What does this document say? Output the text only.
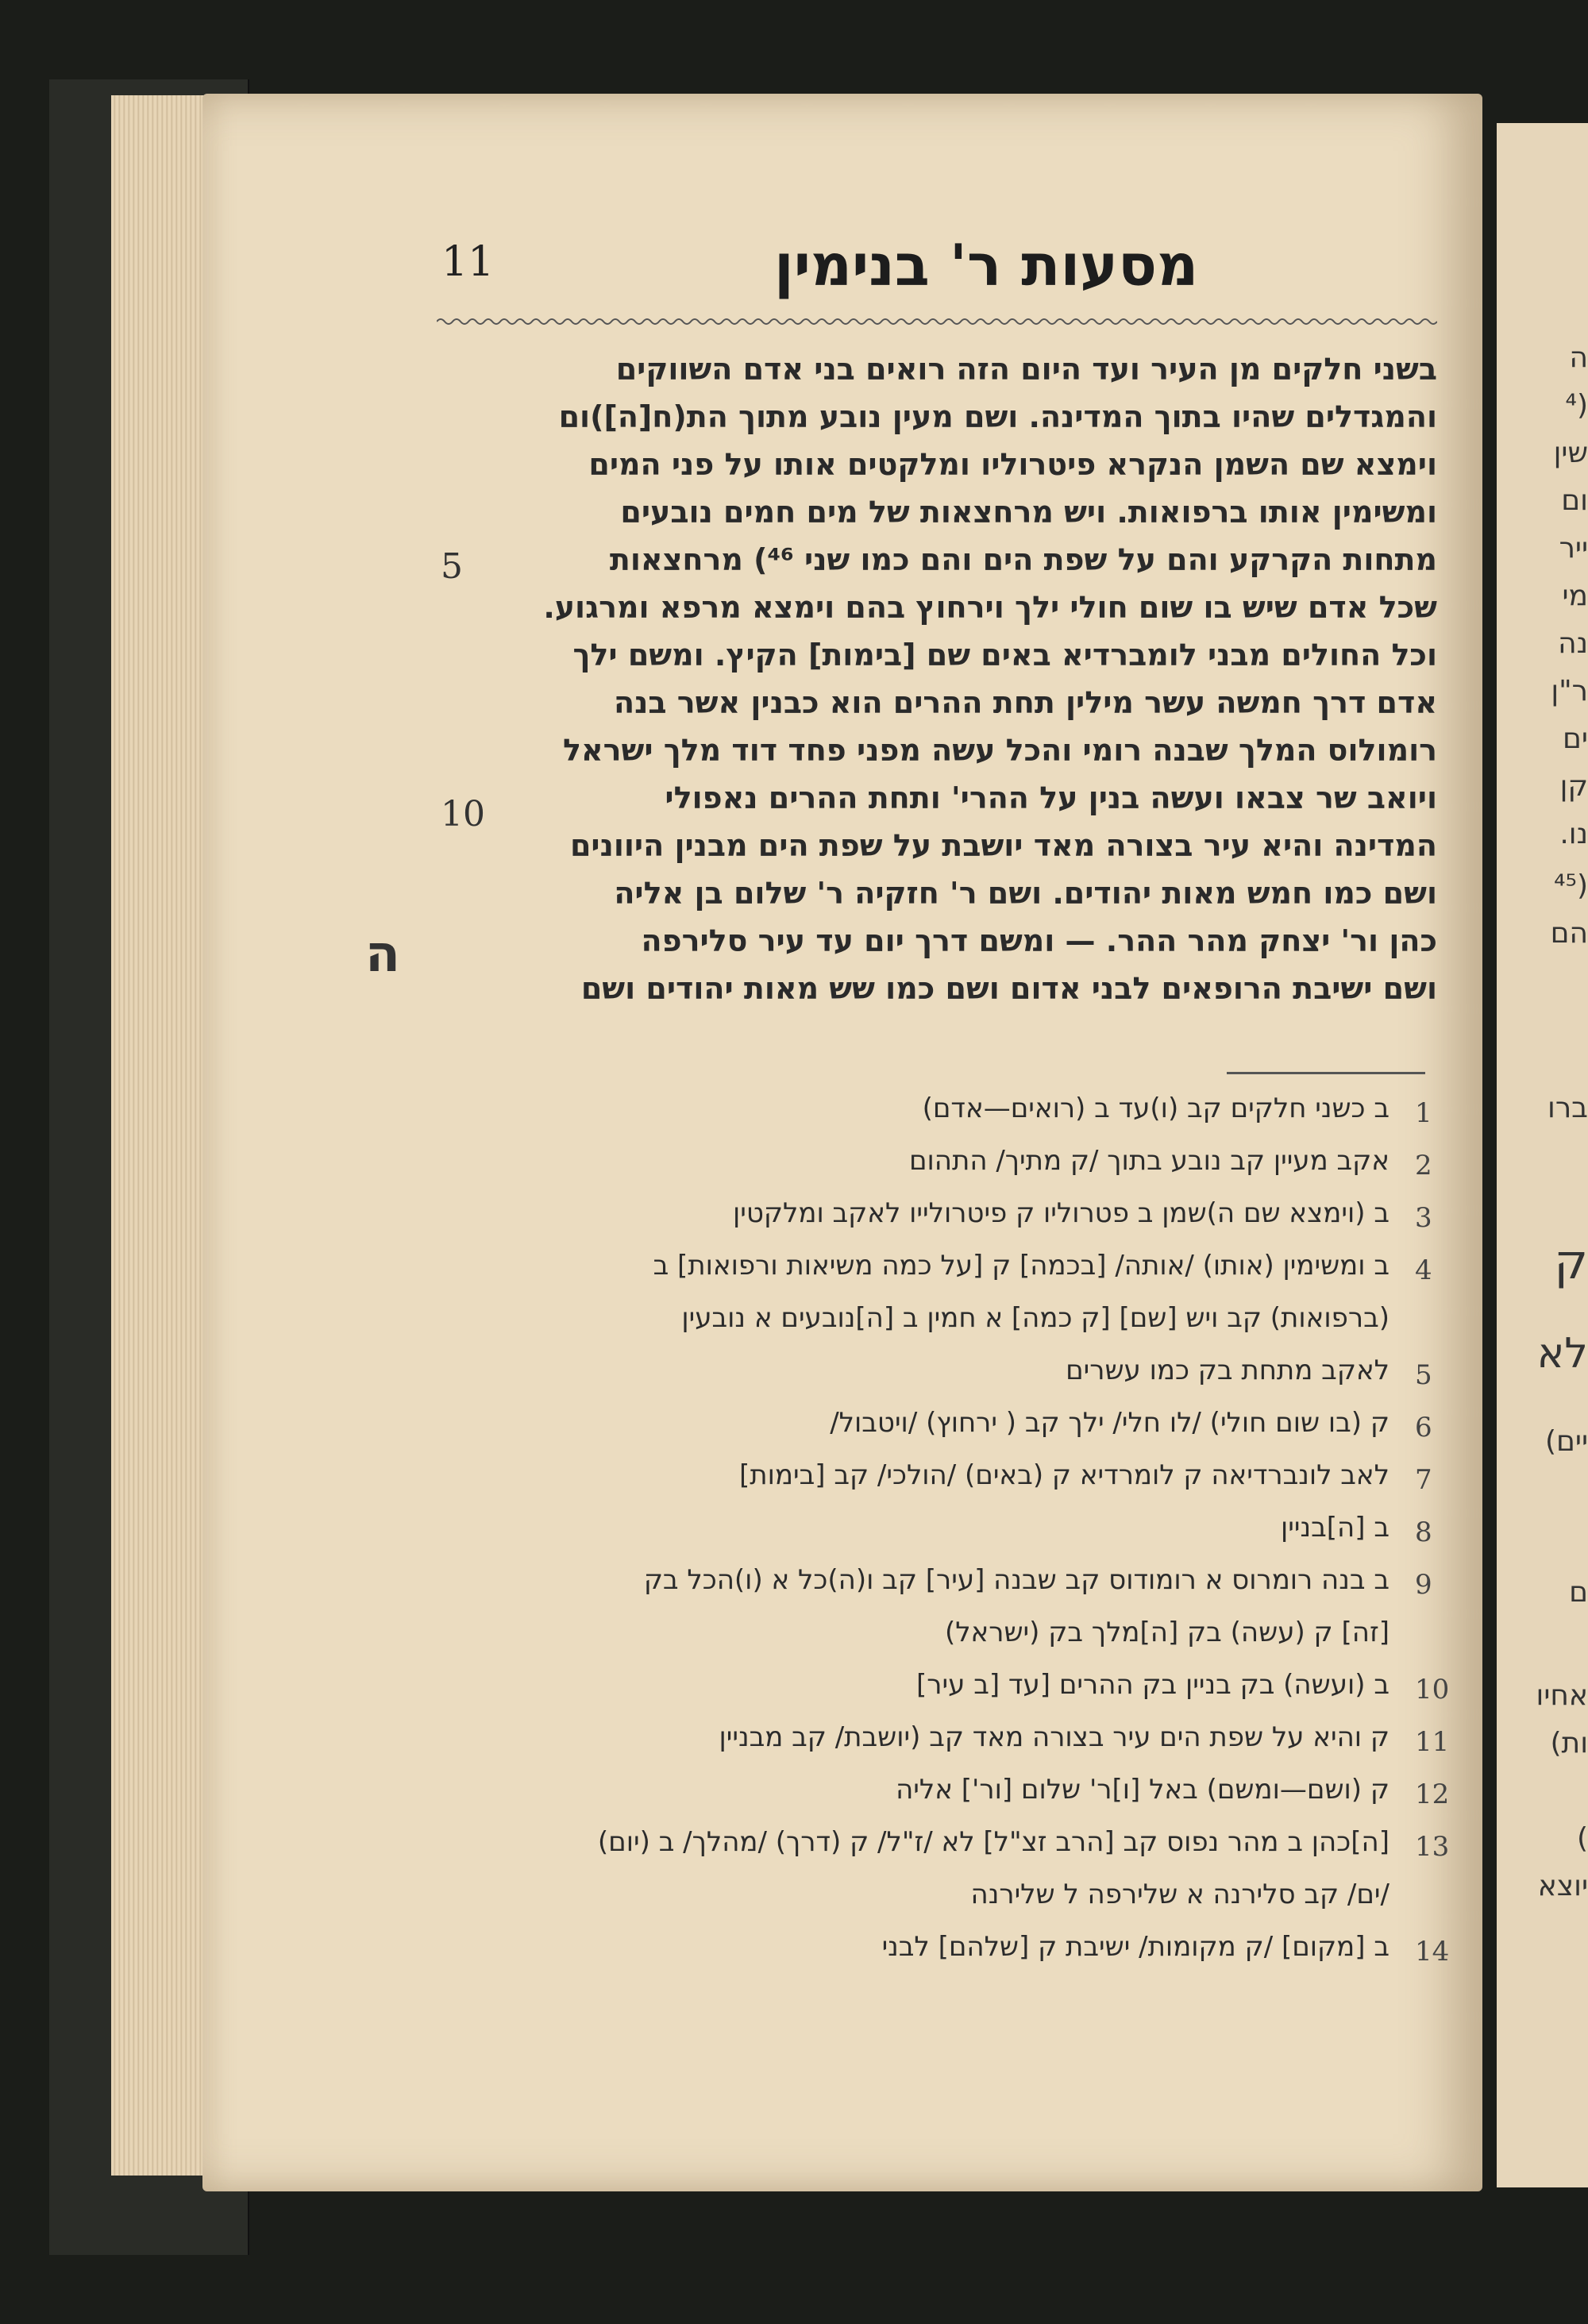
ה
(⁴
שין
ום
ייר
מי
נה
ר"ן
ים
קן
נו.
(⁴⁵
הם
ברו
ק
לא
יים)
ם
אחיו
ות)
)
יוצא
11	מסעות ר' בנימין
בשני חלקים מן העיר ועד היום הזה רואים בני אדם השווקים
והמגדלים שהיו בתוך המדינה. ושם מעין נובע מתוך הת(ח[ה])ום
וימצא שם השמן הנקרא פיטרוליו ומלקטים אותו על פני המים
ומשימין אותו ברפואות. ויש מרחצאות של מים חמים נובעים
מתחות הקרקע והם על שפת הים והם כמו שני ⁴⁶) מרחצאות
שכל אדם שיש בו שום חולי ילך וירחוץ בהם וימצא מרפא ומרגוע.
וכל החולים מבני לומברדיא באים שם [בימות] הקיץ. ומשם ילך
אדם דרך חמשה עשר מילין תחת ההרים הוא כבנין אשר בנה
רומולוס המלך שבנה רומי והכל עשה מפני פחד דוד מלך ישראל
ויואב שר צבאו ועשה בנין על ההרי' ותחת ההרים נאפולי
המדינה והיא עיר בצורה מאד יושבת על שפת הים מבנין היוונים
ושם כמו חמש מאות יהודים. ושם ר' חזקיה ר' שלום בן אליה
כהן ור' יצחק מהר ההר. — ומשם דרך יום עד עיר סלירפה
ושם ישיבת הרופאים לבני אדום ושם כמו שש מאות יהודים ושם
5
10
ה
1
ב כשני חלקים קב (ו)עד ב (רואים—אדם)
2
אקב מעיין קב נובע בתוך /ק מתיך/ התהום
3
ב (וימצא שם ה)שמן ב פטרוליו ק פיטרולייו לאקב ומלקטין
4
ב ומשימין (אותו) /אותה/ [בכמה] ק [על כמה משיאות ורפואות] ב
(ברפואות) קב ויש [שם] [ק כמה] א חמין ב [ה]נובעים א נובעין
5
לאקב מתחת בק כמו עשרים
6
ק (בו שום חולי) /לו חלי/ ילך קב ( ירחוץ) /ויטבול/
7
לאב לונברדיאה ק לומרדיא ק (באים) /הולכי/ קב [בימות]
8
ב [ה]בניין
9
ב בנה רומרוס א רומודוס קב שבנה [עיר] קב ו(ה)כל א (ו)הכל בק
[זה] ק (עשה) בק [ה]מלך בק (ישראל)
10
ב (ועשה) בק בניין בק ההרים [עד [ב עיר]
11
ק והיא על שפת הים עיר בצורה מאד קב (יושבת/ קב מבניין
12
ק (ושם—ומשם) באל [ו]ר' שלום [ור'] אליה
13
[ה]כהן ב מהר נפוס קב [הרב זצ"ל] לא /ז"ל/ ק (דרך) /מהלך/ ב (יום)
/ים/ קב סלירנה א שלירפה ל שלירנה
14
ב [מקום] /ק מקומות/ ישיבת ק [שלהם] לבני
